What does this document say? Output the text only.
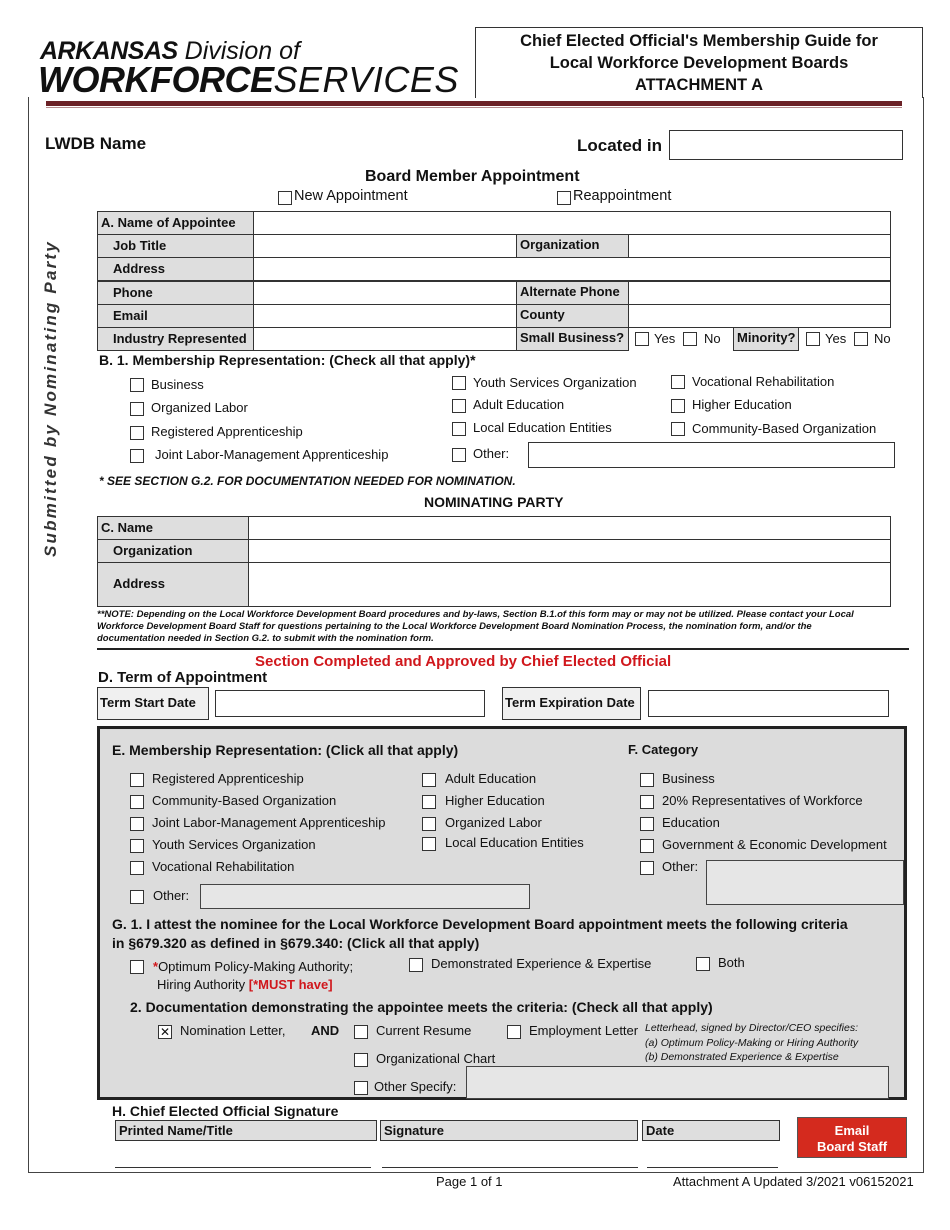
ARKANSAS Division of
WORKFORCESERVICES
Chief Elected Official's Membership Guide for
Local Workforce Development Boards
ATTACHMENT A
Submitted by Nominating Party
LWDB Name	Located in
Board Member Appointment
New Appointment	Reappointment
A. Name of Appointee
Job Title	Organization
Address
Phone	Alternate Phone
Email	County
Industry Represented	Small Business?	Yes No	Minority? Yes No
B. 1. Membership Representation: (Check all that apply)*
Business
Organized Labor
Registered Apprenticeship
Joint Labor-Management Apprenticeship
Youth Services Organization
Adult Education
Local Education Entities
Other:
Vocational Rehabilitation
Higher Education
Community-Based Organization
* SEE SECTION G.2. FOR DOCUMENTATION NEEDED FOR NOMINATION.
NOMINATING PARTY
C. Name
Organization
Address
**NOTE: Depending on the Local Workforce Development Board procedures and by-laws, Section B.1.of this form may or may not be utilized. Please contact your Local
Workforce Development Board Staff for questions pertaining to the Local Workforce Development Board Nomination Process, the nomination form, and/or the
documentation needed in Section G.2. to submit with the nomination form.
Section Completed and Approved by Chief Elected Official
D. Term of Appointment
Term Start Date	Term Expiration Date
E. Membership Representation: (Click all that apply)	F. Category
Registered Apprenticeship
Community-Based Organization
Joint Labor-Management Apprenticeship
Youth Services Organization
Vocational Rehabilitation
Other:
Adult Education
Higher Education
Organized Labor
Local Education Entities
Business
20% Representatives of Workforce
Education
Government & Economic Development
Other:
G. 1. I attest the nominee for the Local Workforce Development Board appointment meets the following criteria
in §679.320 as defined in §679.340: (Click all that apply)
*Optimum Policy-Making Authority;
Hiring Authority [*MUST have]
Demonstrated Experience & Expertise	Both
2. Documentation demonstrating the appointee meets the criteria: (Check all that apply)
✕ Nomination Letter, AND	Current Resume	Employment Letter Letterhead, signed by Director/CEO specifies:
(a) Optimum Policy-Making or Hiring Authority
(b) Demonstrated Experience & Expertise
Organizational Chart
Other Specify:
H. Chief Elected Official Signature
Printed Name/Title	Signature	Date	Email
Board Staff
Page 1 of 1	Attachment A Updated 3/2021 v06152021
